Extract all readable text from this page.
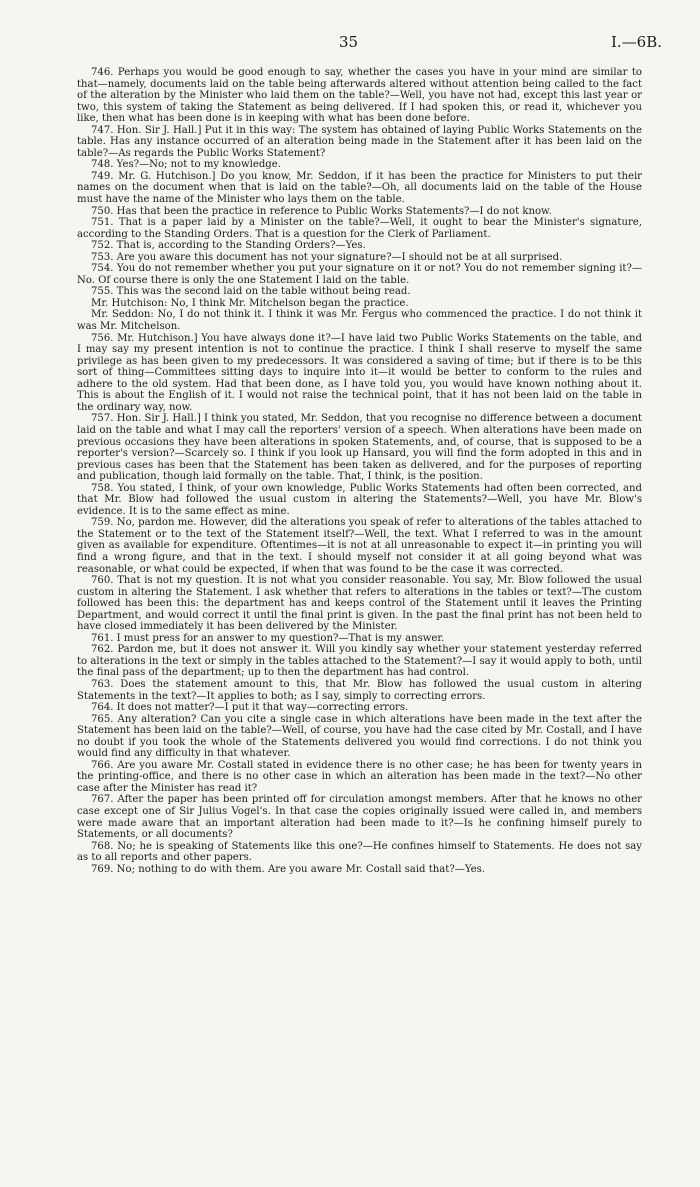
35	I.—6B.

746. Perhaps you would be good enough to say, whether the cases you have in your mind are similar to that—namely, documents laid on the table being afterwards altered without attention being called to the fact of the alteration by the Minister who laid them on the table?—Well, you have not had, except this last year or two, this system of taking the Statement as being delivered. If I had spoken this, or read it, whichever you like, then what has been done is in keeping with what has been done before.

747. Hon. Sir J. Hall.] Put it in this way: The system has obtained of laying Public Works Statements on the table. Has any instance occurred of an alteration being made in the Statement after it has been laid on the table?—As regards the Public Works Statement?

748. Yes?—No; not to my knowledge.

749. Mr. G. Hutchison.] Do you know, Mr. Seddon, if it has been the practice for Ministers to put their names on the document when that is laid on the table?—Oh, all documents laid on the table of the House must have the name of the Minister who lays them on the table.

750. Has that been the practice in reference to Public Works Statements?—I do not know.

751. That is a paper laid by a Minister on the table?—Well, it ought to bear the Minister's signature, according to the Standing Orders. That is a question for the Clerk of Parliament.

752. That is, according to the Standing Orders?—Yes.

753. Are you aware this document has not your signature?—I should not be at all surprised.

754. You do not remember whether you put your signature on it or not? You do not remember signing it?—No. Of course there is only the one Statement I laid on the table.

755. This was the second laid on the table without being read.

Mr. Hutchison: No, I think Mr. Mitchelson began the practice.

Mr. Seddon: No, I do not think it. I think it was Mr. Fergus who commenced the practice. I do not think it was Mr. Mitchelson.

756. Mr. Hutchison.] You have always done it?—I have laid two Public Works Statements on the table, and I may say my present intention is not to continue the practice. I think I shall reserve to myself the same privilege as has been given to my predecessors. It was considered a saving of time; but if there is to be this sort of thing—Committees sitting days to inquire into it—it would be better to conform to the rules and adhere to the old system. Had that been done, as I have told you, you would have known nothing about it. This is about the English of it. I would not raise the technical point, that it has not been laid on the table in the ordinary way, now.

757. Hon. Sir J. Hall.] I think you stated, Mr. Seddon, that you recognise no difference between a document laid on the table and what I may call the reporters' version of a speech. When alterations have been made on previous occasions they have been alterations in spoken Statements, and, of course, that is supposed to be a reporter's version?—Scarcely so. I think if you look up Hansard, you will find the form adopted in this and in previous cases has been that the Statement has been taken as delivered, and for the purposes of reporting and publication, though laid formally on the table. That, I think, is the position.

758. You stated, I think, of your own knowledge, Public Works Statements had often been corrected, and that Mr. Blow had followed the usual custom in altering the Statements?—Well, you have Mr. Blow's evidence. It is to the same effect as mine.

759. No, pardon me. However, did the alterations you speak of refer to alterations of the tables attached to the Statement or to the text of the Statement itself?—Well, the text. What I referred to was in the amount given as available for expenditure. Oftentimes—it is not at all unreasonable to expect it—in printing you will find a wrong figure, and that in the text. I should myself not consider it at all going beyond what was reasonable, or what could be expected, if when that was found to be the case it was corrected.

760. That is not my question. It is not what you consider reasonable. You say, Mr. Blow followed the usual custom in altering the Statement. I ask whether that refers to alterations in the tables or text?—The custom followed has been this: the department has and keeps control of the Statement until it leaves the Printing Department, and would correct it until the final print is given. In the past the final print has not been held to have closed immediately it has been delivered by the Minister.

761. I must press for an answer to my question?—That is my answer.

762. Pardon me, but it does not answer it. Will you kindly say whether your statement yesterday referred to alterations in the text or simply in the tables attached to the Statement?—I say it would apply to both, until the final pass of the department; up to then the department has had control.

763. Does the statement amount to this, that Mr. Blow has followed the usual custom in altering Statements in the text?—It applies to both; as I say, simply to correcting errors.

764. It does not matter?—I put it that way—correcting errors.

765. Any alteration? Can you cite a single case in which alterations have been made in the text after the Statement has been laid on the table?—Well, of course, you have had the case cited by Mr. Costall, and I have no doubt if you took the whole of the Statements delivered you would find corrections. I do not think you would find any difficulty in that whatever.

766. Are you aware Mr. Costall stated in evidence there is no other case; he has been for twenty years in the printing-office, and there is no other case in which an alteration has been made in the text?—No other case after the Minister has read it?

767. After the paper has been printed off for circulation amongst members. After that he knows no other case except one of Sir Julius Vogel's. In that case the copies originally issued were called in, and members were made aware that an important alteration had been made to it?—Is he confining himself purely to Statements, or all documents?

768. No; he is speaking of Statements like this one?—He confines himself to Statements. He does not say as to all reports and other papers.

769. No; nothing to do with them. Are you aware Mr. Costall said that?—Yes.
